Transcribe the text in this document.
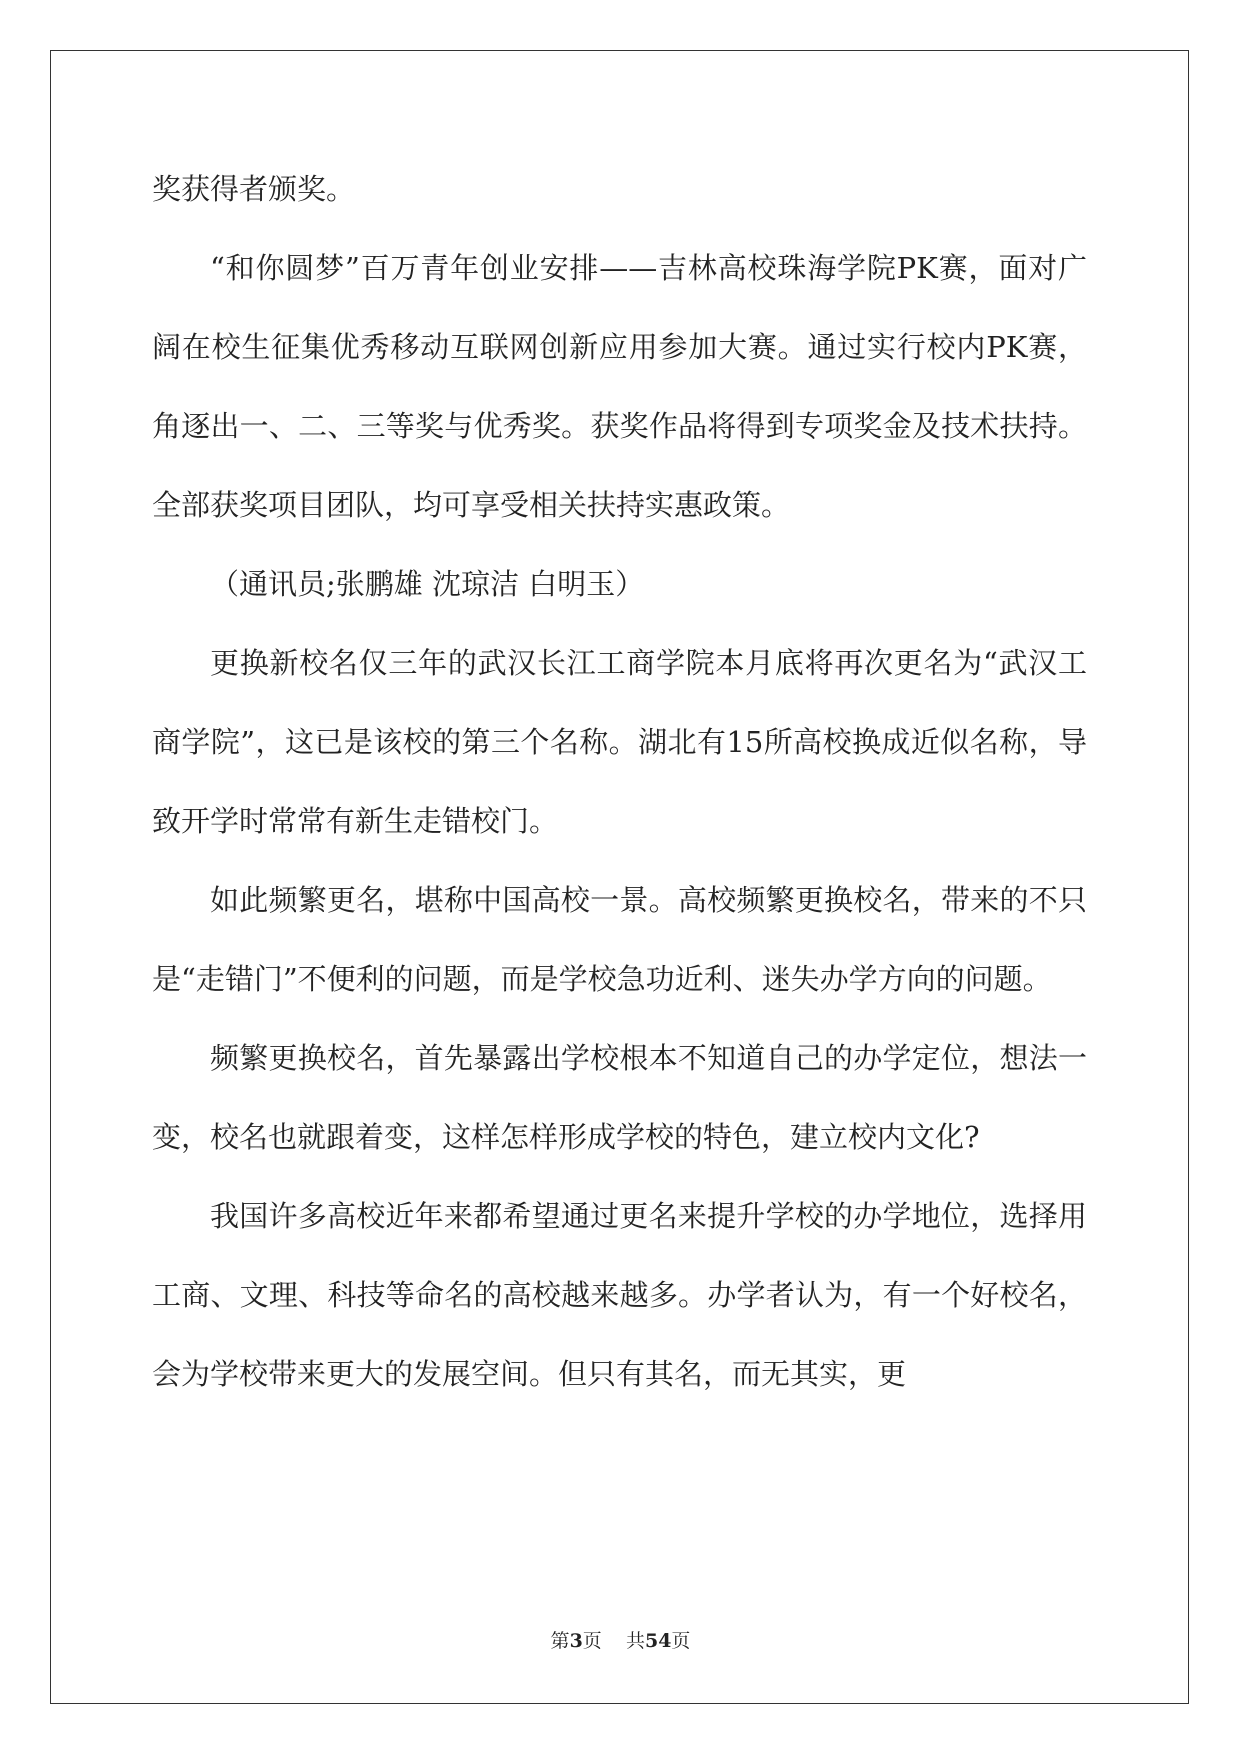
奖获得者颁奖。

“和你圆梦”百万青年创业安排——吉林高校珠海学院PK赛，面对广阔在校生征集优秀移动互联网创新应用参加大赛。通过实行校内PK赛，角逐出一、二、三等奖与优秀奖。获奖作品将得到专项奖金及技术扶持。全部获奖项目团队，均可享受相关扶持实惠政策。

（通讯员;张鹏雄 沈琼洁 白明玉）

更换新校名仅三年的武汉长江工商学院本月底将再次更名为“武汉工商学院”，这已是该校的第三个名称。湖北有15所高校换成近似名称，导致开学时常常有新生走错校门。

如此频繁更名，堪称中国高校一景。高校频繁更换校名，带来的不只是“走错门”不便利的问题，而是学校急功近利、迷失办学方向的问题。

频繁更换校名，首先暴露出学校根本不知道自己的办学定位，想法一变，校名也就跟着变，这样怎样形成学校的特色，建立校内文化?

我国许多高校近年来都希望通过更名来提升学校的办学地位，选择用工商、文理、科技等命名的高校越来越多。办学者认为，有一个好校名，会为学校带来更大的发展空间。但只有其名，而无其实，更

第3页    共54页
